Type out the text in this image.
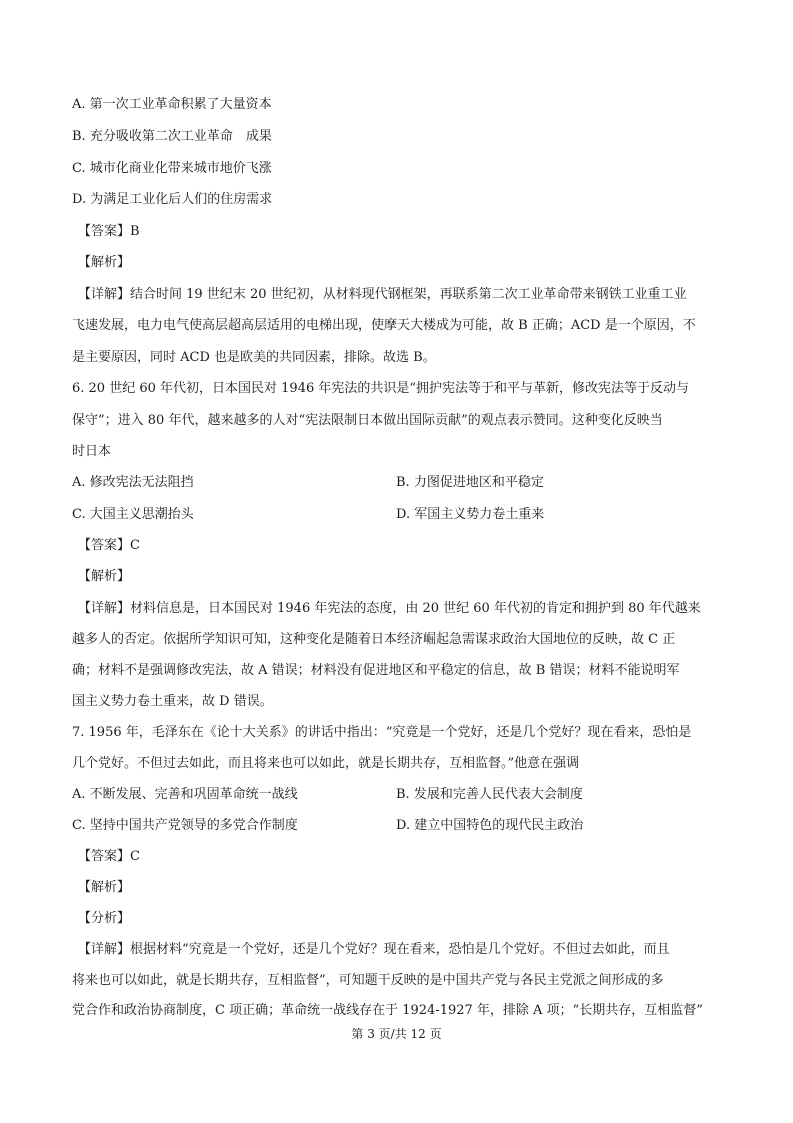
A. 第一次工业革命积累了大量资本
B. 充分吸收第二次工业革命　成果
C. 城市化商业化带来城市地价飞涨
D. 为满足工业化后人们的住房需求
【答案】B
【解析】
【详解】结合时间 19 世纪末 20 世纪初，从材料现代钢框架，再联系第二次工业革命带来钢铁工业重工业
飞速发展，电力电气使高层超高层适用的电梯出现，使摩天大楼成为可能，故 B 正确；ACD 是一个原因，不
是主要原因，同时 ACD 也是欧美的共同因素，排除。故选 B。
6. 20 世纪 60 年代初，日本国民对 1946 年宪法的共识是“拥护宪法等于和平与革新，修改宪法等于反动与
保守”；进入 80 年代，越来越多的人对“宪法限制日本做出国际贡献”的观点表示赞同。这种变化反映当
时日本
A. 修改宪法无法阻挡	B. 力图促进地区和平稳定
C. 大国主义思潮抬头	D. 军国主义势力卷土重来
【答案】C
【解析】
【详解】材料信息是，日本国民对 1946 年宪法的态度，由 20 世纪 60 年代初的肯定和拥护到 80 年代越来
越多人的否定。依据所学知识可知，这种变化是随着日本经济崛起急需谋求政治大国地位的反映，故 C 正
确；材料不是强调修改宪法，故 A 错误；材料没有促进地区和平稳定的信息，故 B 错误；材料不能说明军
国主义势力卷土重来，故 D 错误。
7. 1956 年，毛泽东在《论十大关系》的讲话中指出：“究竟是一个党好，还是几个党好？现在看来，恐怕是
几个党好。不但过去如此，而且将来也可以如此，就是长期共存，互相监督。”他意在强调
A. 不断发展、完善和巩固革命统一战线	B. 发展和完善人民代表大会制度
C. 坚持中国共产党领导的多党合作制度	D. 建立中国特色的现代民主政治
【答案】C
【解析】
【分析】
【详解】根据材料“究竟是一个党好，还是几个党好？现在看来，恐怕是几个党好。不但过去如此，而且
将来也可以如此，就是长期共存，互相监督”，可知题干反映的是中国共产党与各民主党派之间形成的多
党合作和政治协商制度，C 项正确；革命统一战线存在于 1924-1927 年，排除 A 项；“长期共存，互相监督”
第 3 页/共 12 页
